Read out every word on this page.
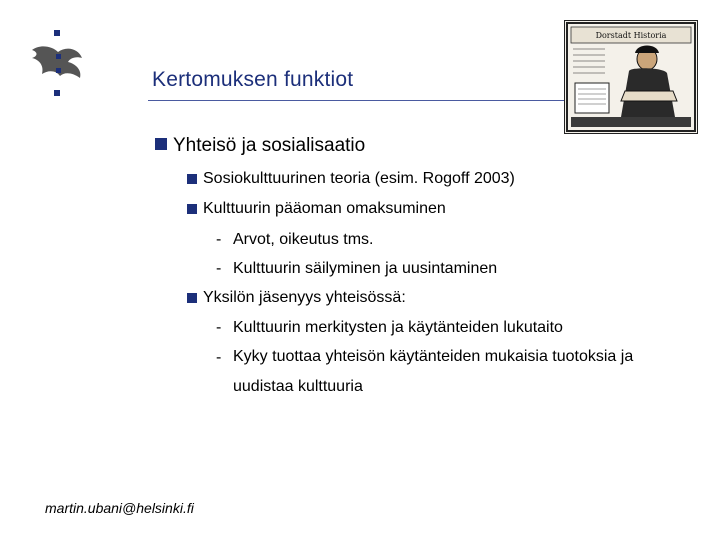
Kertomuksen funktiot
Dorstadt Historia
Yhteisö ja sosialisaatio
Sosiokulttuurinen teoria (esim. Rogoff 2003)
Kulttuurin pääoman omaksuminen
- Arvot, oikeutus tms.
- Kulttuurin säilyminen ja uusintaminen
Yksilön jäsenyys yhteisössä:
- Kulttuurin merkitysten ja käytänteiden lukutaito
- Kyky tuottaa yhteisön käytänteiden mukaisia tuotoksia ja uudistaa kulttuuria
martin.ubani@helsinki.fi
